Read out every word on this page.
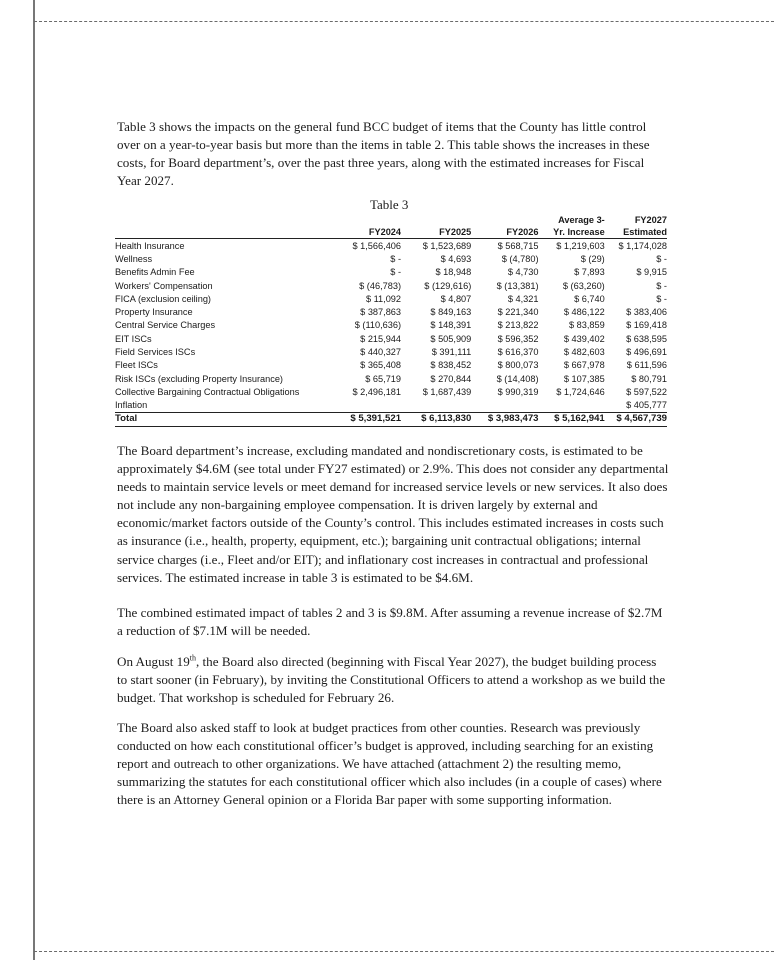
Table 3 shows the impacts on the general fund BCC budget of items that the County has little control over on a year-to-year basis but more than the items in table 2. This table shows the increases in these costs, for Board department’s, over the past three years, along with the estimated increases for Fiscal Year 2027.

Table 3
				Average 3-	FY2027
	FY2024	FY2025	FY2026	Yr. Increase	Estimated
Health Insurance	$ 1,566,406	$ 1,523,689	$ 568,715	$ 1,219,603	$ 1,174,028
Wellness	$ -	$ 4,693	$ (4,780)	$ (29)	$ -
Benefits Admin Fee	$ -	$ 18,948	$ 4,730	$ 7,893	$ 9,915
Workers' Compensation	$ (46,783)	$ (129,616)	$ (13,381)	$ (63,260)	$ -
FICA (exclusion ceiling)	$ 11,092	$ 4,807	$ 4,321	$ 6,740	$ -
Property Insurance	$ 387,863	$ 849,163	$ 221,340	$ 486,122	$ 383,406
Central Service Charges	$ (110,636)	$ 148,391	$ 213,822	$ 83,859	$ 169,418
EIT ISCs	$ 215,944	$ 505,909	$ 596,352	$ 439,402	$ 638,595
Field Services ISCs	$ 440,327	$ 391,111	$ 616,370	$ 482,603	$ 496,691
Fleet ISCs	$ 365,408	$ 838,452	$ 800,073	$ 667,978	$ 611,596
Risk ISCs (excluding Property Insurance)	$ 65,719	$ 270,844	$ (14,408)	$ 107,385	$ 80,791
Collective Bargaining Contractual Obligations	$ 2,496,181	$ 1,687,439	$ 990,319	$ 1,724,646	$ 597,522
Inflation					$ 405,777
Total	$ 5,391,521	$ 6,113,830	$ 3,983,473	$ 5,162,941	$ 4,567,739

The Board department’s increase, excluding mandated and nondiscretionary costs, is estimated to be approximately $4.6M (see total under FY27 estimated) or 2.9%. This does not consider any departmental needs to maintain service levels or meet demand for increased service levels or new services. It also does not include any non-bargaining employee compensation. It is driven largely by external and economic/market factors outside of the County’s control. This includes estimated increases in costs such as insurance (i.e., health, property, equipment, etc.); bargaining unit contractual obligations; internal service charges (i.e., Fleet and/or EIT); and inflationary cost increases in contractual and professional services. The estimated increase in table 3 is estimated to be $4.6M.

The combined estimated impact of tables 2 and 3 is $9.8M. After assuming a revenue increase of $2.7M a reduction of $7.1M will be needed.

On August 19th, the Board also directed (beginning with Fiscal Year 2027), the budget building process to start sooner (in February), by inviting the Constitutional Officers to attend a workshop as we build the budget. That workshop is scheduled for February 26.

The Board also asked staff to look at budget practices from other counties. Research was previously conducted on how each constitutional officer’s budget is approved, including searching for an existing report and outreach to other organizations. We have attached (attachment 2) the resulting memo, summarizing the statutes for each constitutional officer which also includes (in a couple of cases) where there is an Attorney General opinion or a Florida Bar paper with some supporting information.
